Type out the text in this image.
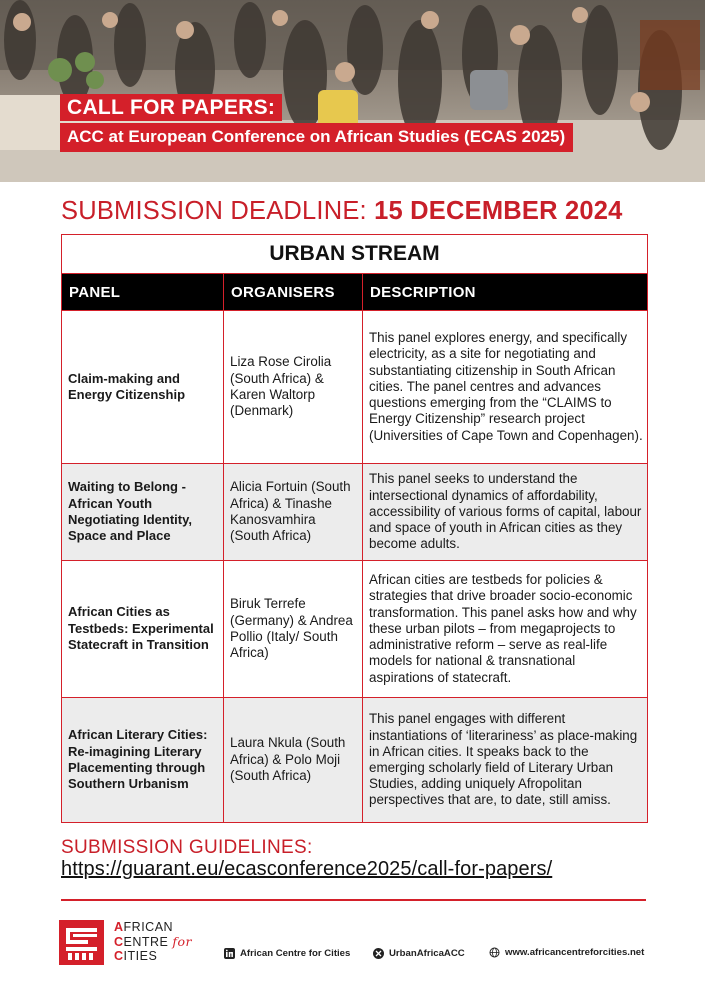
CALL FOR PAPERS:
ACC at European Conference on African Studies (ECAS 2025)
SUBMISSION DEADLINE: 15 DECEMBER 2024
URBAN STREAM		
PANEL	ORGANISERS	DESCRIPTION
Claim-making and Energy Citizenship	Liza Rose Cirolia (South Africa) & Karen Waltorp (Denmark)	This panel explores energy, and specifically electricity, as a site for negotiating and substantiating citizenship in South African cities. The panel centres and advances questions emerging from the “CLAIMS to Energy Citizenship” research project (Universities of Cape Town and Copenhagen).
Waiting to Belong - African Youth Negotiating Identity, Space and Place	Alicia Fortuin (South Africa) & Tinashe Kanosvamhira (South Africa)	This panel seeks to understand the intersectional dynamics of affordability, accessibility of various forms of capital, labour and space of youth in African cities as they become adults.
African Cities as Testbeds: Experimental Statecraft in Transition	Biruk Terrefe (Germany) & Andrea Pollio (Italy/ South Africa)	African cities are testbeds for policies & strategies that drive broader socio-economic transformation. This panel asks how and why these urban pilots – from megaprojects to administrative reform – serve as real-life models for national & transnational aspirations of statecraft.
African Literary Cities: Re-imagining Literary Placementing through Southern Urbanism	Laura Nkula (South Africa) & Polo Moji (South Africa)	This panel engages with different instantiations of ‘literariness’ as place-making in African cities. It speaks back to the emerging scholarly field of Literary Urban Studies, adding uniquely Afropolitan perspectives that are, to date, still amiss.
SUBMISSION GUIDELINES:
https://guarant.eu/ecasconference2025/call-for-papers/
AFRICAN
CENTRE for
CITIES	African Centre for Cities	UrbanAfricaACC	www.africancentreforcities.net
